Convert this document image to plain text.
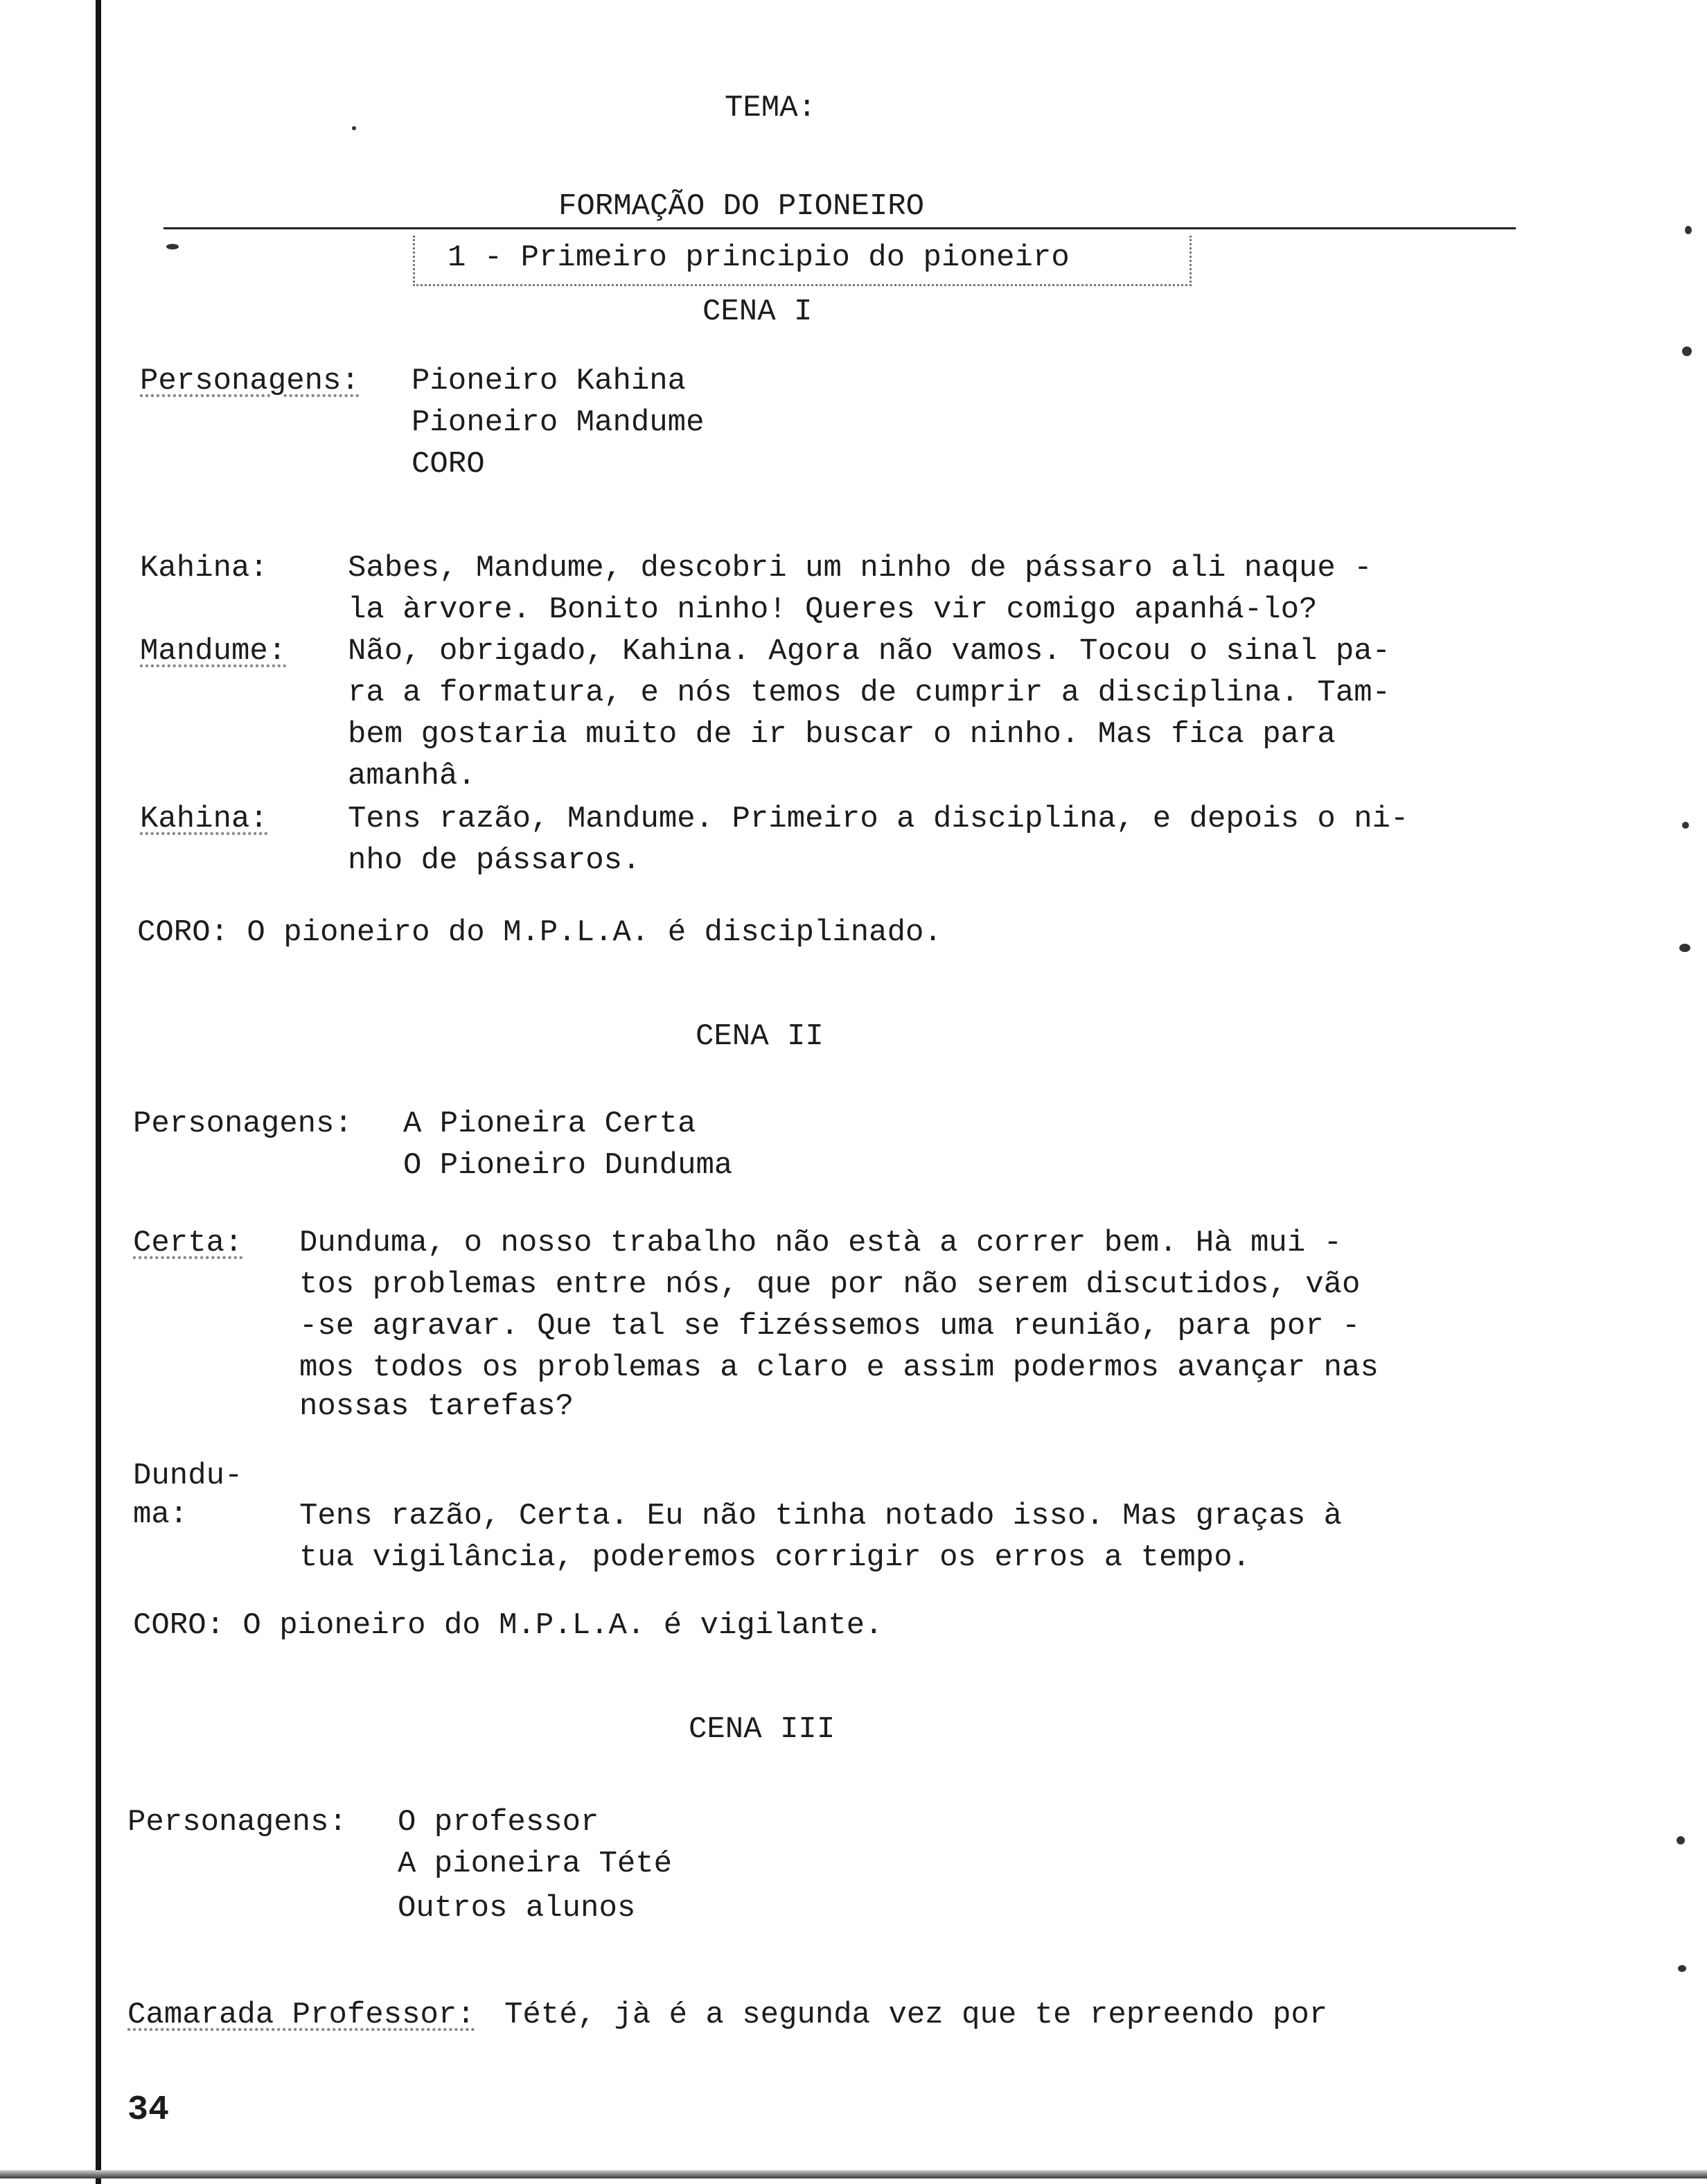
TEMA:
FORMAÇÃO DO PIONEIRO
1 - Primeiro principio do pioneiro
CENA I
Personagens: Pioneiro Kahina
Pioneiro Mandume
CORO
Kahina:	Sabes, Mandume, descobri um ninho de pássaro ali naque -
la àrvore. Bonito ninho! Queres vir comigo apanhá-lo?
Mandume: Não, obrigado, Kahina. Agora não vamos. Tocou o sinal pa-
ra a formatura, e nós temos de cumprir a disciplina. Tam-
bem gostaria muito de ir buscar o ninho. Mas fica para
amanhâ.
Kahina:	Tens razão, Mandume. Primeiro a disciplina, e depois o ni-
nho de pássaros.
CORO: O pioneiro do M.P.L.A. é disciplinado.
CENA II
Personagens: A Pioneira Certa
O Pioneiro Dunduma
Certa: Dunduma, o nosso trabalho não està a correr bem. Hà mui -
tos problemas entre nós, que por não serem discutidos, vão
-se agravar. Que tal se fizéssemos uma reunião, para por -
mos todos os problemas a claro e assim podermos avançar nas
nossas tarefas?
Dundu-
ma:	Tens razão, Certa. Eu não tinha notado isso. Mas graças à
tua vigilância, poderemos corrigir os erros a tempo.
CORO: O pioneiro do M.P.L.A. é vigilante.
CENA III
Personagens: O professor
A pioneira Tété
Outros alunos
Camarada Professor: Tété, jà é a segunda vez que te repreendo por
34
